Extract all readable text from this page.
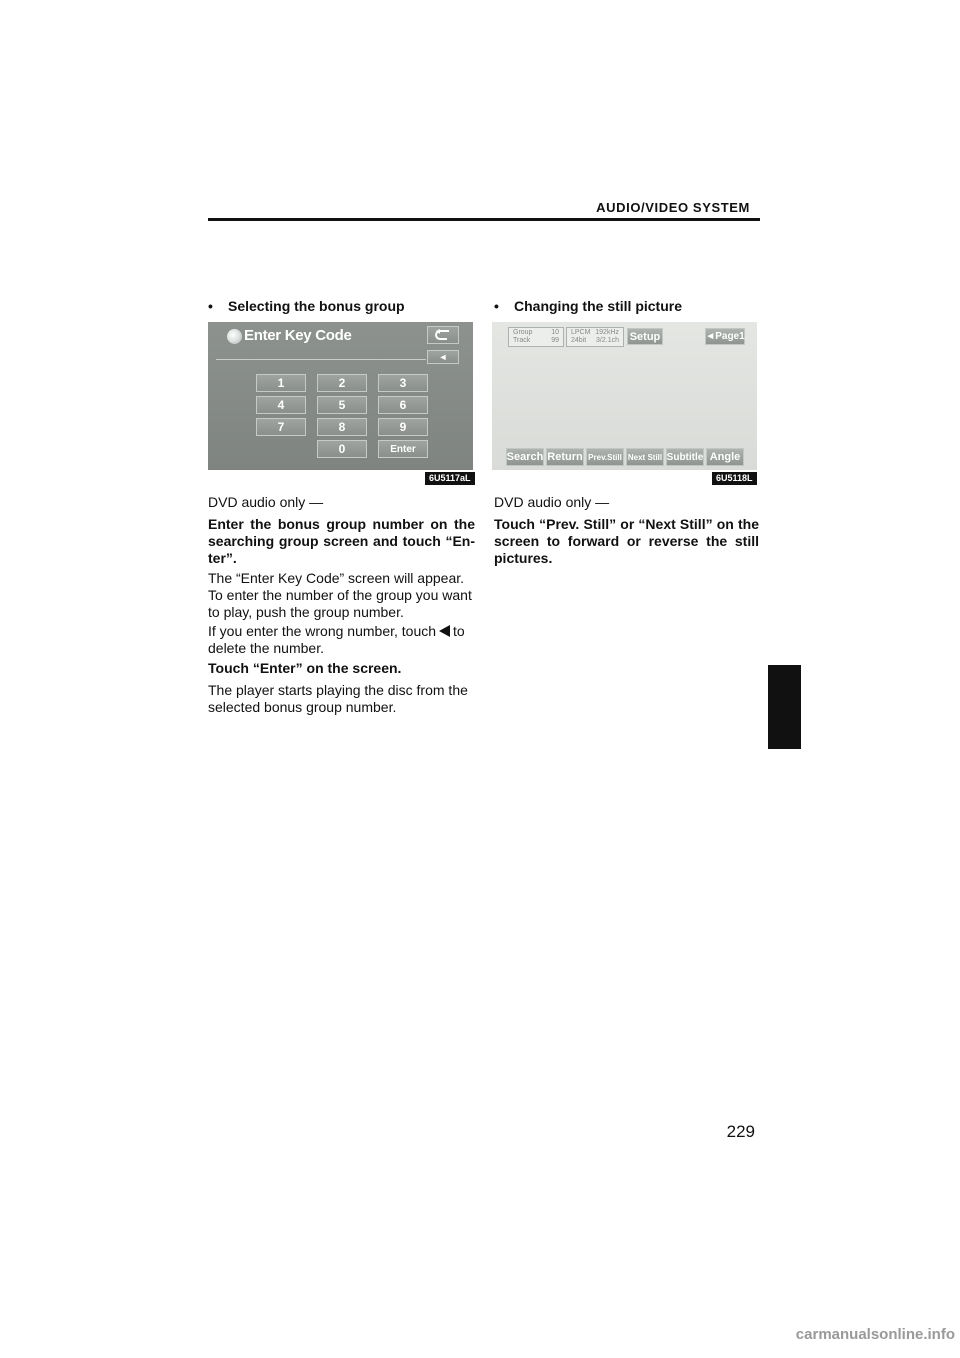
AUDIO/VIDEO SYSTEM
• Selecting the bonus group
Enter Key Code
◄
1	2	3
4	5	6
7	8	9
0	Enter
6U5117aL

DVD audio only —

Enter the bonus group number on the searching group screen and touch “En-ter”.

The “Enter Key Code” screen will appear. To enter the number of the group you want to play, push the group number.

If you enter the wrong number, touch to delete the number.

Touch “Enter” on the screen.

The player starts playing the disc from the selected bonus group number.

• Changing the still picture
Group	10
Track	99
LPCM 192kHz
24bit 3/2.1ch Setup	◄Page1
Search Return Prev.Still Next Still Subtitle Angle
6U5118L

DVD audio only —

Touch “Prev. Still” or “Next Still” on the screen to forward or reverse the still pictures.

229
carmanualsonline.info
